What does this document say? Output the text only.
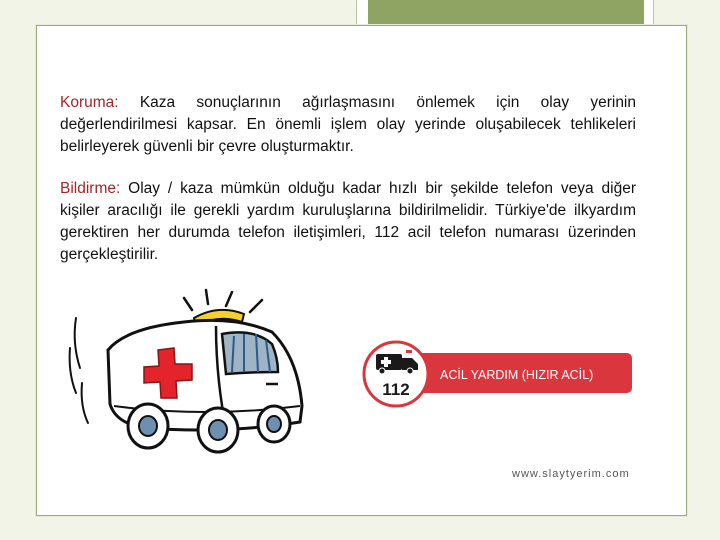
Koruma: Kaza sonuçlarının ağırlaşmasını önlemek için olay yerinin değerlendirilmesi kapsar. En önemli işlem olay yerinde oluşabilecek tehlikeleri belirleyerek güvenli bir çevre oluşturmaktır.

Bildirme: Olay / kaza mümkün olduğu kadar hızlı bir şekilde telefon veya diğer kişiler aracılığı ile gerekli yardım kuruluşlarına bildirilmelidir. Türkiye'de ilkyardım gerektiren her durumda telefon iletişimleri, 112 acil telefon numarası üzerinden gerçekleştirilir.

112
ACİL YARDIM (HIZIR ACİL)
www.slaytyerim.com
